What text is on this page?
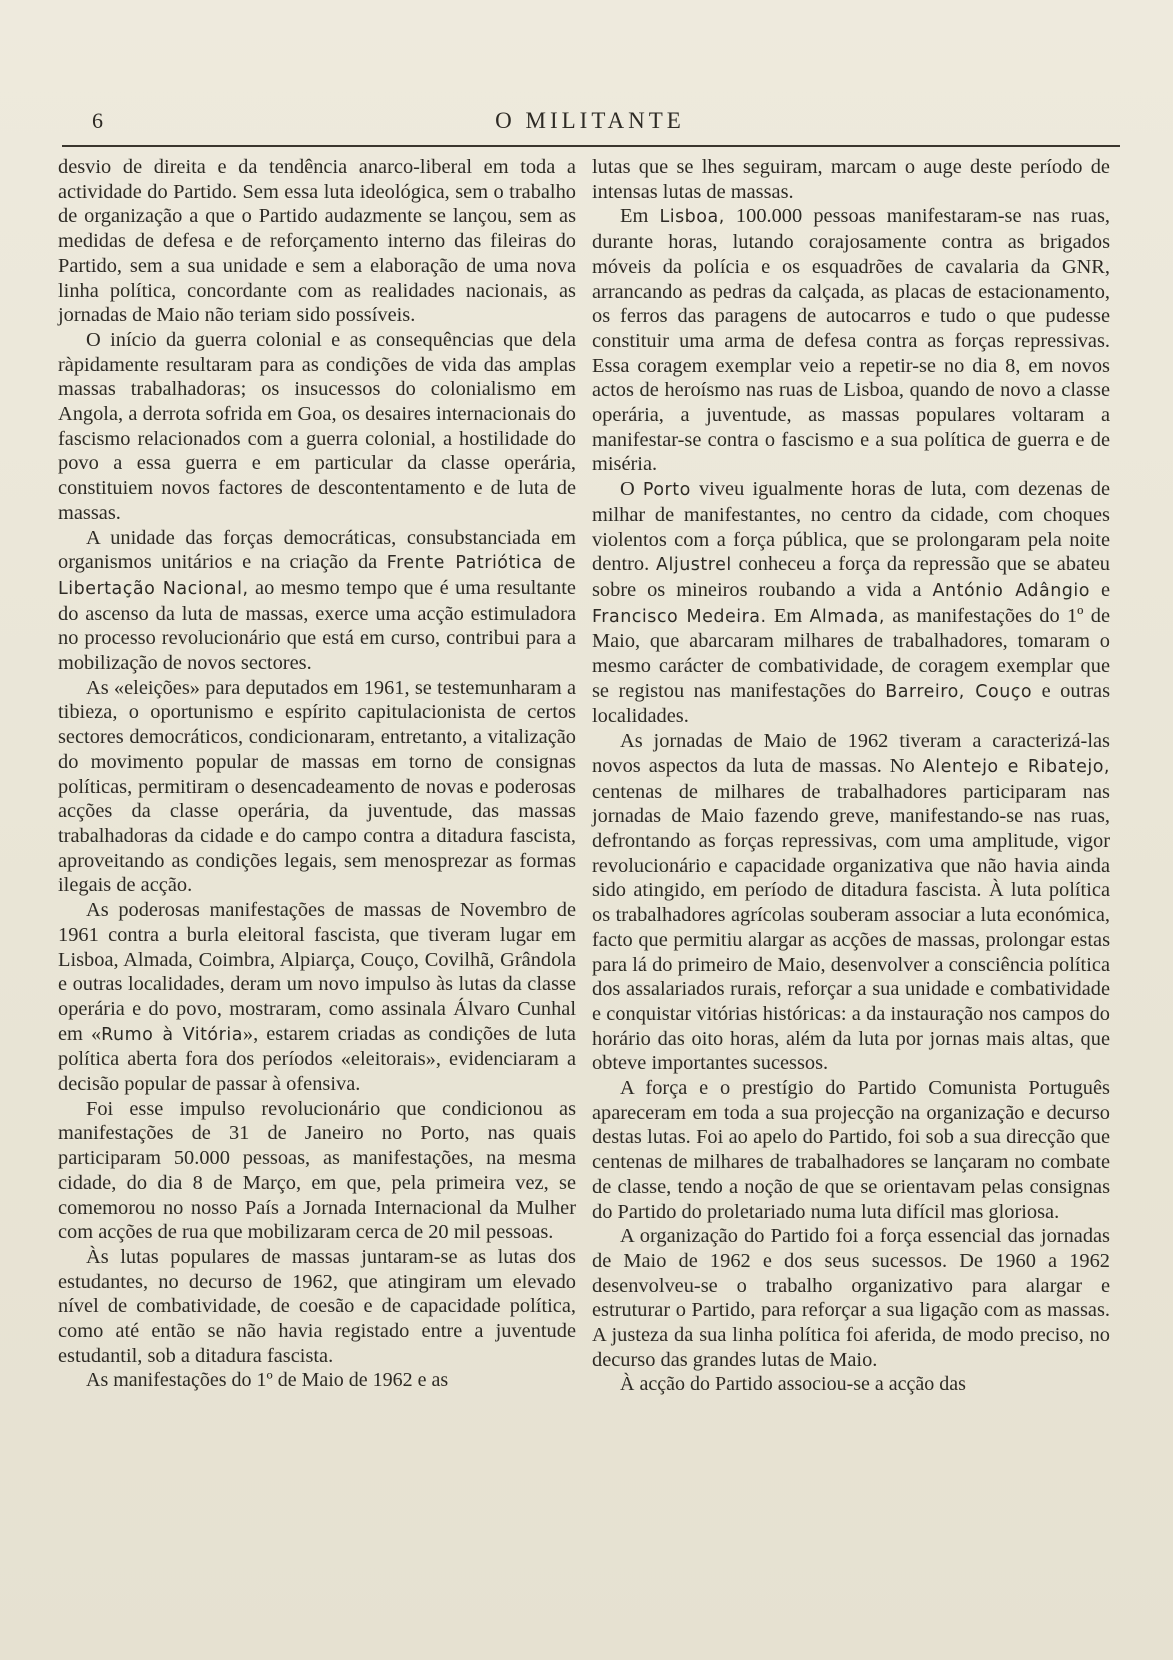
6	O MILITANTE

desvio de direita e da tendência anarco-liberal em toda a actividade do Partido. Sem essa luta ideológica, sem o trabalho de organização a que o Partido audazmente se lançou, sem as medidas de defesa e de reforçamento interno das fileiras do Partido, sem a sua unidade e sem a elaboração de uma nova linha política, concordante com as realidades nacionais, as jornadas de Maio não teriam sido possíveis.

O início da guerra colonial e as consequências que dela ràpidamente resultaram para as condições de vida das amplas massas trabalhadoras; os insucessos do colonialismo em Angola, a derrota sofrida em Goa, os desaires internacionais do fascismo relacionados com a guerra colonial, a hostilidade do povo a essa guerra e em particular da classe operária, constituiem novos factores de descontentamento e de luta de massas.

A unidade das forças democráticas, consubstanciada em organismos unitários e na criação da Frente Patriótica de Libertação Nacional, ao mesmo tempo que é uma resultante do ascenso da luta de massas, exerce uma acção estimuladora no processo revolucionário que está em curso, contribui para a mobilização de novos sectores.

As «eleições» para deputados em 1961, se testemunharam a tibieza, o oportunismo e espírito capitulacionista de certos sectores democráticos, condicionaram, entretanto, a vitalização do movimento popular de massas em torno de consignas políticas, permitiram o desencadeamento de novas e poderosas acções da classe operária, da juventude, das massas trabalhadoras da cidade e do campo contra a ditadura fascista, aproveitando as condições legais, sem menosprezar as formas ilegais de acção.

As poderosas manifestações de massas de Novembro de 1961 contra a burla eleitoral fascista, que tiveram lugar em Lisboa, Almada, Coimbra, Alpiarça, Couço, Covilhã, Grândola e outras localidades, deram um novo impulso às lutas da classe operária e do povo, mostraram, como assinala Álvaro Cunhal em «Rumo à Vitória», estarem criadas as condições de luta política aberta fora dos períodos «eleitorais», evidenciaram a decisão popular de passar à ofensiva.

Foi esse impulso revolucionário que condicionou as manifestações de 31 de Janeiro no Porto, nas quais participaram 50.000 pessoas, as manifestações, na mesma cidade, do dia 8 de Março, em que, pela primeira vez, se comemorou no nosso País a Jornada Internacional da Mulher com acções de rua que mobilizaram cerca de 20 mil pessoas.

Às lutas populares de massas juntaram-se as lutas dos estudantes, no decurso de 1962, que atingiram um elevado nível de combatividade, de coesão e de capacidade política, como até então se não havia registado entre a juventude estudantil, sob a ditadura fascista.

As manifestações do 1º de Maio de 1962 e as

lutas que se lhes seguiram, marcam o auge deste período de intensas lutas de massas.

Em Lisboa, 100.000 pessoas manifestaram-se nas ruas, durante horas, lutando corajosamente contra as brigados móveis da polícia e os esquadrões de cavalaria da GNR, arrancando as pedras da calçada, as placas de estacionamento, os ferros das paragens de autocarros e tudo o que pudesse constituir uma arma de defesa contra as forças repressivas. Essa coragem exemplar veio a repetir-se no dia 8, em novos actos de heroísmo nas ruas de Lisboa, quando de novo a classe operária, a juventude, as massas populares voltaram a manifestar-se contra o fascismo e a sua política de guerra e de miséria.

O Porto viveu igualmente horas de luta, com dezenas de milhar de manifestantes, no centro da cidade, com choques violentos com a força pública, que se prolongaram pela noite dentro. Aljustrel conheceu a força da repressão que se abateu sobre os mineiros roubando a vida a António Adângio e Francisco Medeira. Em Almada, as manifestações do 1º de Maio, que abarcaram milhares de trabalhadores, tomaram o mesmo carácter de combatividade, de coragem exemplar que se registou nas manifestações do Barreiro, Couço e outras localidades.

As jornadas de Maio de 1962 tiveram a caracterizá-las novos aspectos da luta de massas. No Alentejo e Ribatejo, centenas de milhares de trabalhadores participaram nas jornadas de Maio fazendo greve, manifestando-se nas ruas, defrontando as forças repressivas, com uma amplitude, vigor revolucionário e capacidade organizativa que não havia ainda sido atingido, em período de ditadura fascista. À luta política os trabalhadores agrícolas souberam associar a luta económica, facto que permitiu alargar as acções de massas, prolongar estas para lá do primeiro de Maio, desenvolver a consciência política dos assalariados rurais, reforçar a sua unidade e combatividade e conquistar vitórias históricas: a da instauração nos campos do horário das oito horas, além da luta por jornas mais altas, que obteve importantes sucessos.

A força e o prestígio do Partido Comunista Português apareceram em toda a sua projecção na organização e decurso destas lutas. Foi ao apelo do Partido, foi sob a sua direcção que centenas de milhares de trabalhadores se lançaram no combate de classe, tendo a noção de que se orientavam pelas consignas do Partido do proletariado numa luta difícil mas gloriosa.

A organização do Partido foi a força essencial das jornadas de Maio de 1962 e dos seus sucessos. De 1960 a 1962 desenvolveu-se o trabalho organizativo para alargar e estruturar o Partido, para reforçar a sua ligação com as massas. A justeza da sua linha política foi aferida, de modo preciso, no decurso das grandes lutas de Maio.

À acção do Partido associou-se a acção das
